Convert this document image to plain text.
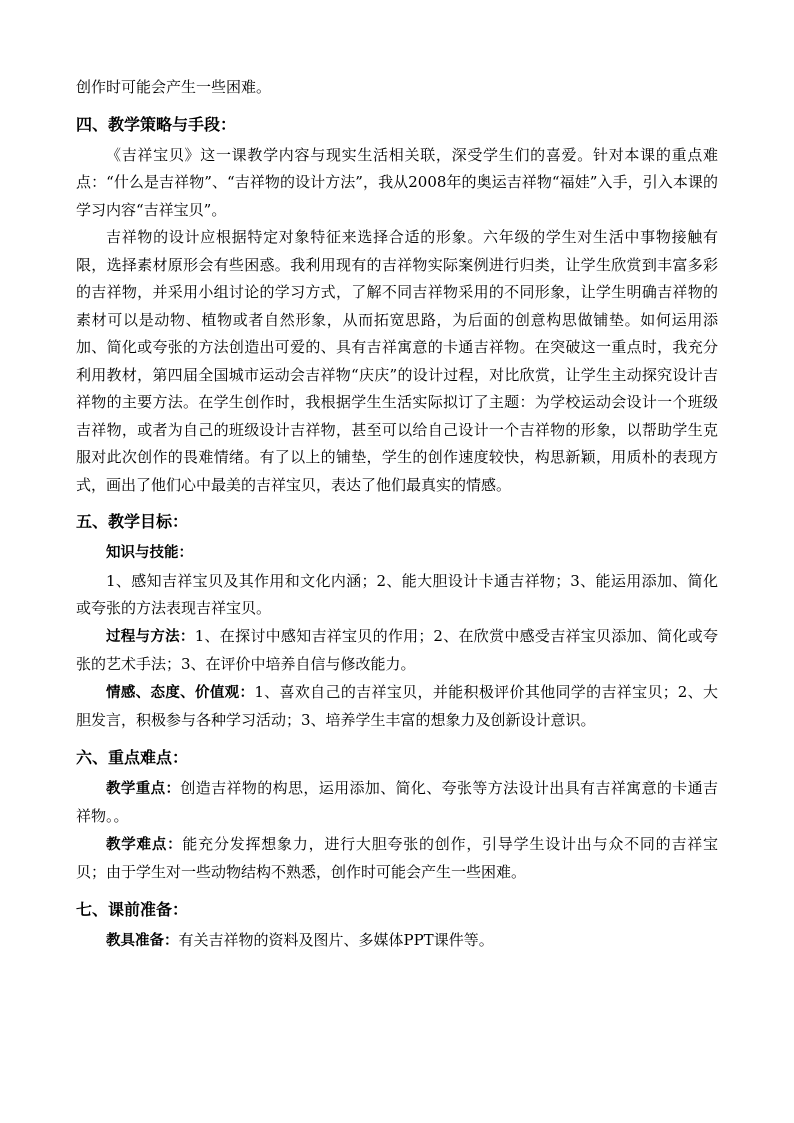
创作时可能会产生一些困难。

四、教学策略与手段：

《吉祥宝贝》这一课教学内容与现实生活相关联，深受学生们的喜爱。针对本课的重点难点：“什么是吉祥物”、“吉祥物的设计方法”，我从2008年的奥运吉祥物“福娃”入手，引入本课的学习内容“吉祥宝贝”。

吉祥物的设计应根据特定对象特征来选择合适的形象。六年级的学生对生活中事物接触有限，选择素材原形会有些困惑。我利用现有的吉祥物实际案例进行归类，让学生欣赏到丰富多彩的吉祥物，并采用小组讨论的学习方式，了解不同吉祥物采用的不同形象，让学生明确吉祥物的素材可以是动物、植物或者自然形象，从而拓宽思路，为后面的创意构思做铺垫。如何运用添加、简化或夸张的方法创造出可爱的、具有吉祥寓意的卡通吉祥物。在突破这一重点时，我充分利用教材，第四届全国城市运动会吉祥物“庆庆”的设计过程，对比欣赏，让学生主动探究设计吉祥物的主要方法。在学生创作时，我根据学生生活实际拟订了主题：为学校运动会设计一个班级吉祥物，或者为自己的班级设计吉祥物，甚至可以给自己设计一个吉祥物的形象，以帮助学生克服对此次创作的畏难情绪。有了以上的铺垫，学生的创作速度较快，构思新颖，用质朴的表现方式，画出了他们心中最美的吉祥宝贝，表达了他们最真实的情感。

五、教学目标：

知识与技能：

1、感知吉祥宝贝及其作用和文化内涵；2、能大胆设计卡通吉祥物；3、能运用添加、简化或夸张的方法表现吉祥宝贝。

过程与方法：1、在探讨中感知吉祥宝贝的作用；2、在欣赏中感受吉祥宝贝添加、简化或夸张的艺术手法；3、在评价中培养自信与修改能力。

情感、态度、价值观：1、喜欢自己的吉祥宝贝，并能积极评价其他同学的吉祥宝贝；2、大胆发言，积极参与各种学习活动；3、培养学生丰富的想象力及创新设计意识。

六、重点难点：

教学重点：创造吉祥物的构思，运用添加、简化、夸张等方法设计出具有吉祥寓意的卡通吉祥物。。

教学难点：能充分发挥想象力，进行大胆夸张的创作，引导学生设计出与众不同的吉祥宝贝；由于学生对一些动物结构不熟悉，创作时可能会产生一些困难。

七、课前准备：

教具准备：有关吉祥物的资料及图片、多媒体PPT课件等。
